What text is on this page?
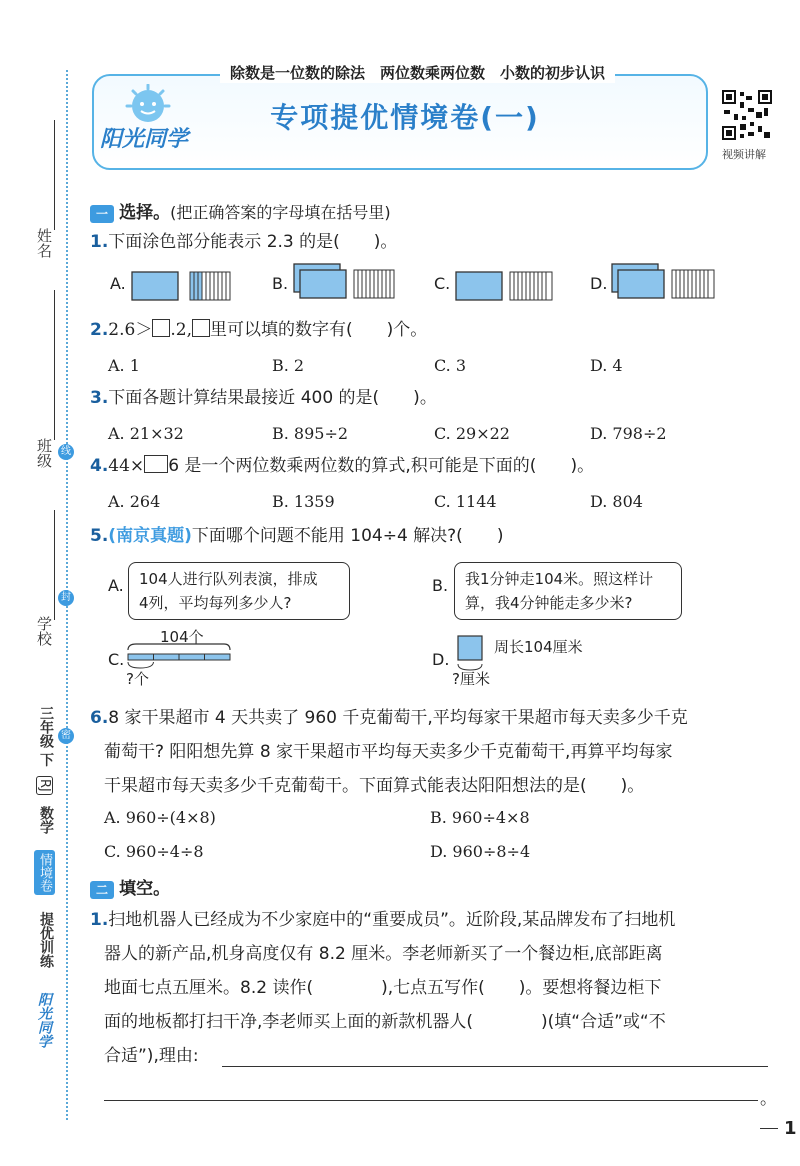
姓名
班级
学校
线
封
密
三年级 下
RJ
数学
情境卷
提优训练
阳光同学
除数是一位数的除法　两位数乘两位数　小数的初步认识
阳光同学
专项提优情境卷(一)
视频讲解
一 选择。(把正确答案的字母填在括号里)
1.下面涂色部分能表示 2.3 的是(　　)。
A.	B.	C.	D.
2.2.6＞ .2, 里可以填的数字有(　　)个。
A. 1	B. 2	C. 3	D. 4
3.下面各题计算结果最接近 400 的是(　　)。
A. 21×32	B. 895÷2	C. 29×22	D. 798÷2
4.44× 6 是一个两位数乘两位数的算式,积可能是下面的(　　)。
A. 264	B. 1359	C. 1144	D. 804
5.(南京真题)下面哪个问题不能用 104÷4 解决?(　　)
A. 104人进行队列表演，排成
4列，平均每列多少人?
B. 我1分钟走104米。照这样计
算，我4分钟能走多少米?
C.
104个
?个
D.
周长104厘米
?厘米
6.8 家干果超市 4 天共卖了 960 千克葡萄干,平均每家干果超市每天卖多少千克
葡萄干? 阳阳想先算 8 家干果超市平均每天卖多少千克葡萄干,再算平均每家
干果超市每天卖多少千克葡萄干。下面算式能表达阳阳想法的是(　　)。
A. 960÷(4×8)	B. 960÷4×8
C. 960÷4÷8	D. 960÷8÷4
二 填空。
1.扫地机器人已经成为不少家庭中的“重要成员”。近阶段,某品牌发布了扫地机
器人的新产品,机身高度仅有 8.2 厘米。李老师新买了一个餐边柜,底部距离
地面七点五厘米。8.2 读作(　　　　),七点五写作(　　)。要想将餐边柜下
面的地板都打扫干净,李老师买上面的新款机器人(　　　　)(填“合适”或“不
合适”),理由:
。
1
